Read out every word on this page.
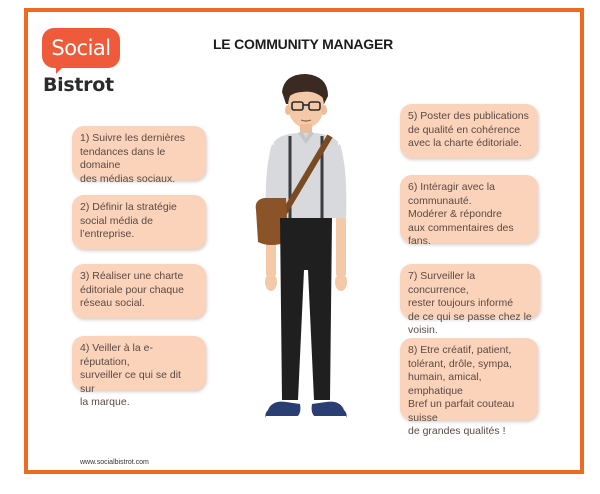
Social
Bistrot
LE COMMUNITY MANAGER
1) Suivre les dernières
tendances dans le domaine
des médias sociaux.
2) Définir la stratégie
social média de
l’entreprise.
3) Réaliser une charte
éditoriale pour chaque
réseau social.
4) Veiller à la e-réputation,
surveiller ce qui se dit sur
la marque.
5) Poster des publications
de qualité en cohérence
avec la charte éditoriale.
6) Intéragir avec la
communauté.
Modérer & répondre
aux commentaires des fans.
7) Surveiller la concurrence,
rester toujours informé
de ce qui se passe chez le voisin.
8) Etre créatif, patient,
tolérant, drôle, sympa,
humain, amical, emphatique
Bref un parfait couteau suisse
de grandes qualités !
www.socialbistrot.com
